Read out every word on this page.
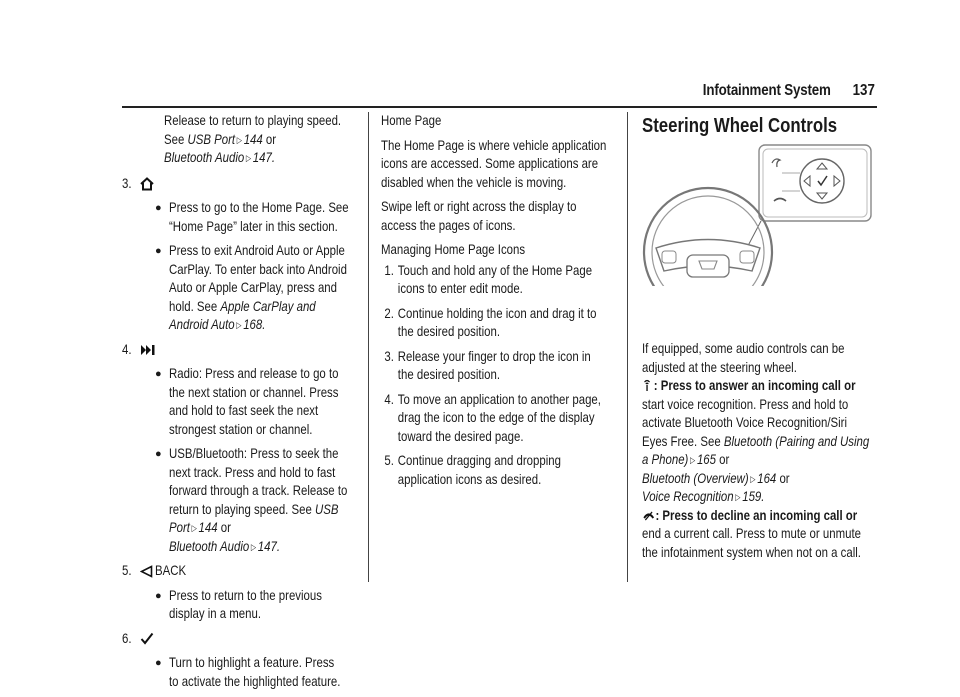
Infotainment System 137
Release to return to playing speed.
See USB Port ▷ 144 or
Bluetooth Audio ▷ 147.
3.
● Press to go to the Home Page. See
“Home Page” later in this section.
● Press to exit Android Auto or Apple
CarPlay. To enter back into Android
Auto or Apple CarPlay, press and
hold. See Apple CarPlay and
Android Auto ▷ 168.
4.
● Radio: Press and release to go to
the next station or channel. Press
and hold to fast seek the next
strongest station or channel.
● USB/Bluetooth: Press to seek the
next track. Press and hold to fast
forward through a track. Release to
return to playing speed. See USB
Port ▷ 144 or
Bluetooth Audio ▷ 147.
5.	BACK
● Press to return to the previous
display in a menu.
6.
● Turn to highlight a feature. Press
to activate the highlighted feature.
Home Page
The Home Page is where vehicle application
icons are accessed. Some applications are
disabled when the vehicle is moving.
Swipe left or right across the display to
access the pages of icons.
Managing Home Page Icons
1. Touch and hold any of the Home Page
icons to enter edit mode.
2. Continue holding the icon and drag it to
the desired position.
3. Release your finger to drop the icon in
the desired position.
4. To move an application to another page,
drag the icon to the edge of the display
toward the desired page.
5. Continue dragging and dropping
application icons as desired.
Steering Wheel Controls
If equipped, some audio controls can be
adjusted at the steering wheel.
: Press to answer an incoming call or
start voice recognition. Press and hold to
activate Bluetooth Voice Recognition/Siri
Eyes Free. See Bluetooth (Pairing and Using
a Phone) ▷ 165 or
Bluetooth (Overview) ▷ 164 or
Voice Recognition ▷ 159.
: Press to decline an incoming call or
end a current call. Press to mute or unmute
the infotainment system when not on a call.
